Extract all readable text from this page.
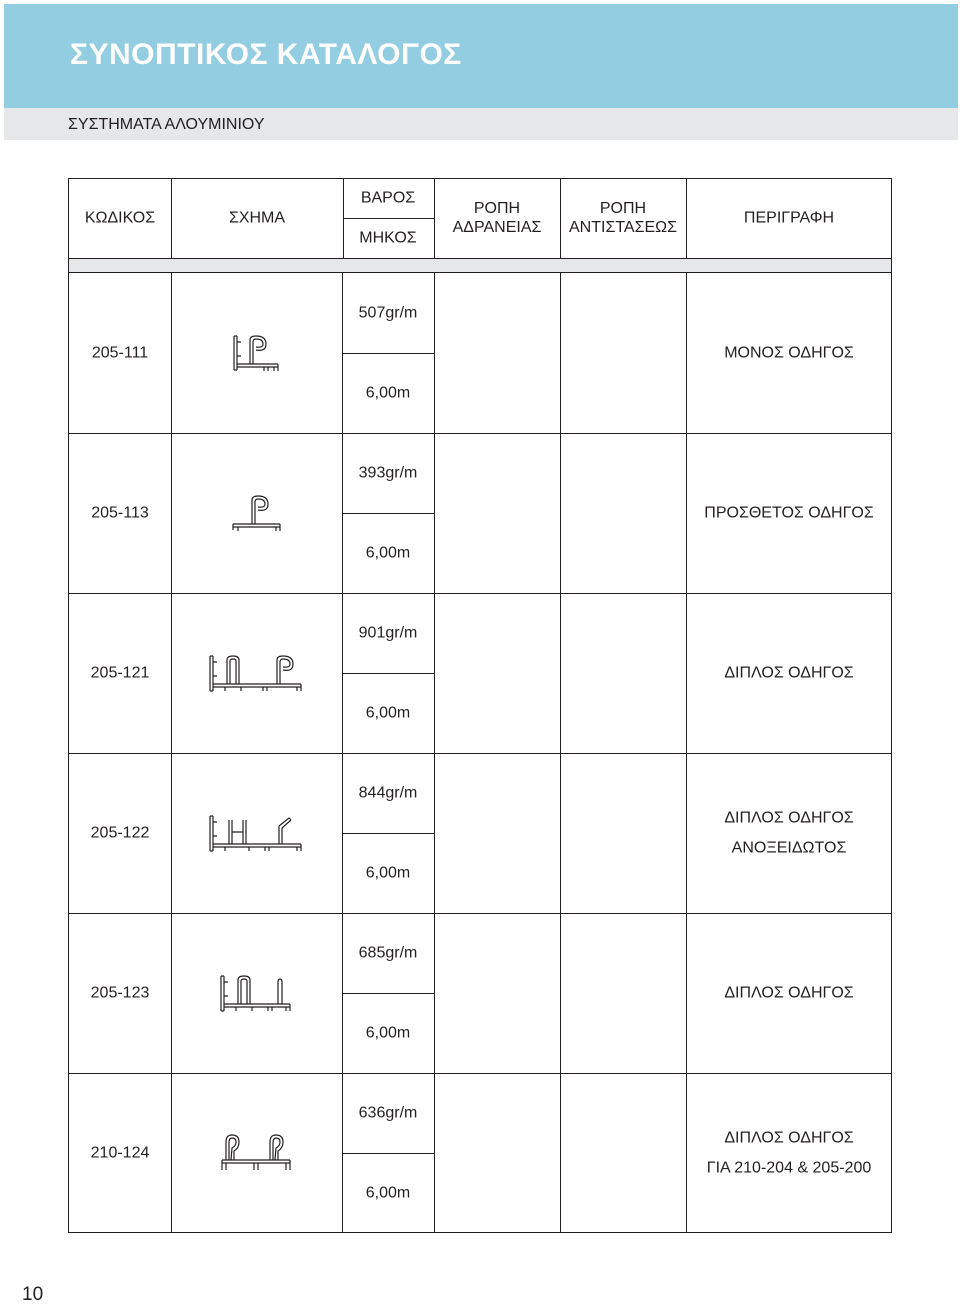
ΣΥΝΟΠΤΙΚΟΣ ΚΑΤΑΛΟΓΟΣ
ΣΥΣΤΗΜΑΤΑ ΑΛΟΥΜΙΝΙΟΥ
ΚΩΔΙΚΟΣ	ΣΧΗΜΑ
ΒΑΡΟΣ
ΜΗΚΟΣ
ΡΟΠΗ
ΑΔΡΑΝΕΙΑΣ
ΡΟΠΗ
ΑΝΤΙΣΤΑΣΕΩΣ
ΠΕΡΙΓΡΑΦΗ
205-111
507gr/m
6,00m
ΜΟΝΟΣ ΟΔΗΓΟΣ
205-113
393gr/m
6,00m
ΠΡΟΣΘΕΤΟΣ ΟΔΗΓΟΣ
205-121
901gr/m
6,00m
ΔΙΠΛΟΣ ΟΔΗΓΟΣ
205-122
844gr/m
6,00m
ΔΙΠΛΟΣ ΟΔΗΓΟΣ
ΑΝΟΞΕΙΔΩΤΟΣ
205-123
685gr/m
6,00m
ΔΙΠΛΟΣ ΟΔΗΓΟΣ
210-124
636gr/m
6,00m
ΔΙΠΛΟΣ ΟΔΗΓΟΣ
ΓΙΑ 210-204 & 205-200
10
